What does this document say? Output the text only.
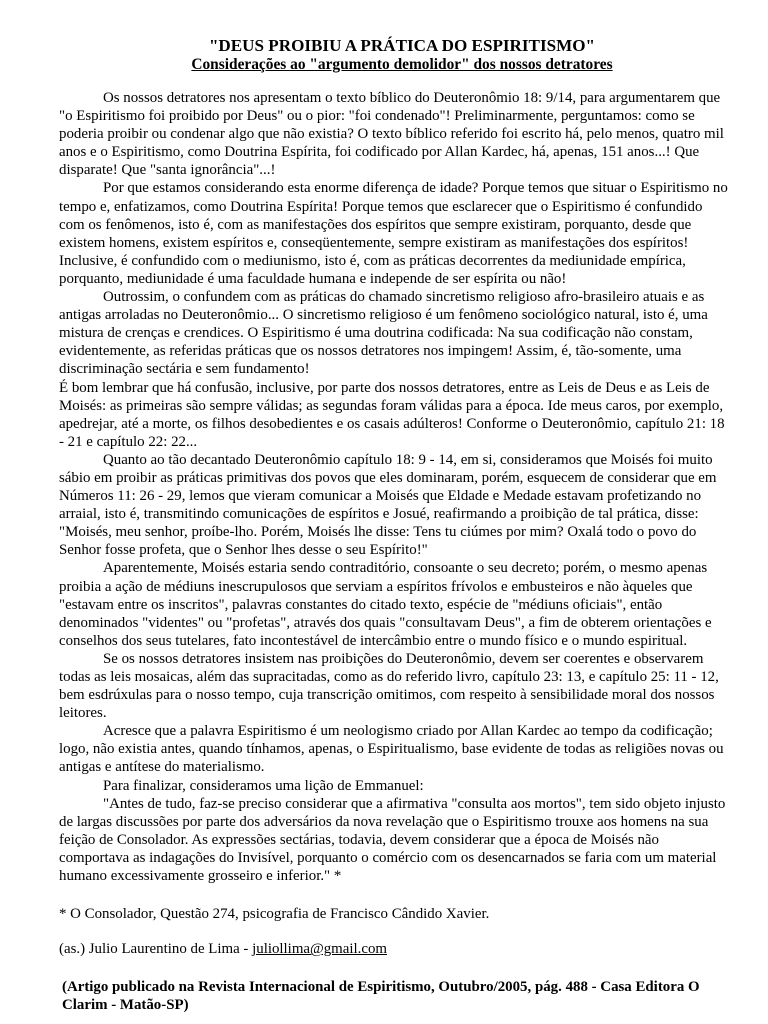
"DEUS PROIBIU A PRÁTICA DO ESPIRITISMO"

Considerações ao "argumento demolidor" dos nossos detratores

Os nossos detratores nos apresentam o texto bíblico do Deuteronômio 18: 9/14, para argumentarem que "o Espiritismo foi proibido por Deus" ou o pior: "foi condenado"! Preliminarmente, perguntamos: como se poderia proibir ou condenar algo que não existia? O texto bíblico referido foi escrito há, pelo menos, quatro mil anos e o Espiritismo, como Doutrina Espírita, foi codificado por Allan Kardec, há, apenas, 151 anos...! Que disparate! Que "santa ignorância"...!

Por que estamos considerando esta enorme diferença de idade? Porque temos que situar o Espiritismo no tempo e, enfatizamos, como Doutrina Espírita! Porque temos que esclarecer que o Espiritismo é confundido com os fenômenos, isto é, com as manifestações dos espíritos que sempre existiram, porquanto, desde que existem homens, existem espíritos e, conseqüentemente, sempre existiram as manifestações dos espíritos! Inclusive, é confundido com o mediunismo, isto é, com as práticas decorrentes da mediunidade empírica, porquanto, mediunidade é uma faculdade humana e independe de ser espírita ou não!

Outrossim, o confundem com as práticas do chamado sincretismo religioso afro-brasileiro atuais e as antigas arroladas no Deuteronômio... O sincretismo religioso é um fenômeno sociológico natural, isto é, uma mistura de crenças e crendices. O Espiritismo é uma doutrina codificada: Na sua codificação não constam, evidentemente, as referidas práticas que os nossos detratores nos impingem! Assim, é, tão-somente, uma discriminação sectária e sem fundamento!

É bom lembrar que há confusão, inclusive, por parte dos nossos detratores, entre as Leis de Deus e as Leis de Moisés: as primeiras são sempre válidas; as segundas foram válidas para a época. Ide meus caros, por exemplo, apedrejar, até a morte, os filhos desobedientes e os casais adúlteros! Conforme o Deuteronômio, capítulo 21: 18 - 21 e capítulo 22: 22...

Quanto ao tão decantado Deuteronômio capítulo 18: 9 - 14, em si, consideramos que Moisés foi muito sábio em proibir as práticas primitivas dos povos que eles dominaram, porém, esquecem de considerar que em Números 11: 26 - 29, lemos que vieram comunicar a Moisés que Eldade e Medade estavam profetizando no arraial, isto é, transmitindo comunicações de espíritos e Josué, reafirmando a proibição de tal prática, disse: "Moisés, meu senhor, proíbe-lho. Porém, Moisés lhe disse: Tens tu ciúmes por mim? Oxalá todo o povo do Senhor fosse profeta, que o Senhor lhes desse o seu Espírito!"

Aparentemente, Moisés estaria sendo contraditório, consoante o seu decreto; porém, o mesmo apenas proibia a ação de médiuns inescrupulosos que serviam a espíritos frívolos e embusteiros e não àqueles que "estavam entre os inscritos", palavras constantes do citado texto, espécie de "médiuns oficiais", então denominados "videntes" ou "profetas", através dos quais "consultavam Deus", a fim de obterem orientações e conselhos dos seus tutelares, fato incontestável de intercâmbio entre o mundo físico e o mundo espiritual.

Se os nossos detratores insistem nas proibições do Deuteronômio, devem ser coerentes e observarem todas as leis mosaicas, além das supracitadas, como as do referido livro, capítulo 23: 13, e capítulo 25: 11 - 12, bem esdrúxulas para o nosso tempo, cuja transcrição omitimos, com respeito à sensibilidade moral dos nossos leitores.

Acresce que a palavra Espiritismo é um neologismo criado por Allan Kardec ao tempo da codificação; logo, não existia antes, quando tínhamos, apenas, o Espiritualismo, base evidente de todas as religiões novas ou antigas e antítese do materialismo.

Para finalizar, consideramos uma lição de Emmanuel:

"Antes de tudo, faz-se preciso considerar que a afirmativa "consulta aos mortos", tem sido objeto injusto de largas discussões por parte dos adversários da nova revelação que o Espiritismo trouxe aos homens na sua feição de Consolador. As expressões sectárias, todavia, devem considerar que a época de Moisés não comportava as indagações do Invisível, porquanto o comércio com os desencarnados se faria com um material humano excessivamente grosseiro e inferior." *

* O Consolador, Questão 274, psicografia de Francisco Cândido Xavier.

(as.) Julio Laurentino de Lima - juliollima@gmail.com

(Artigo publicado na Revista Internacional de Espiritismo, Outubro/2005, pág. 488 - Casa Editora O Clarim - Matão-SP)
